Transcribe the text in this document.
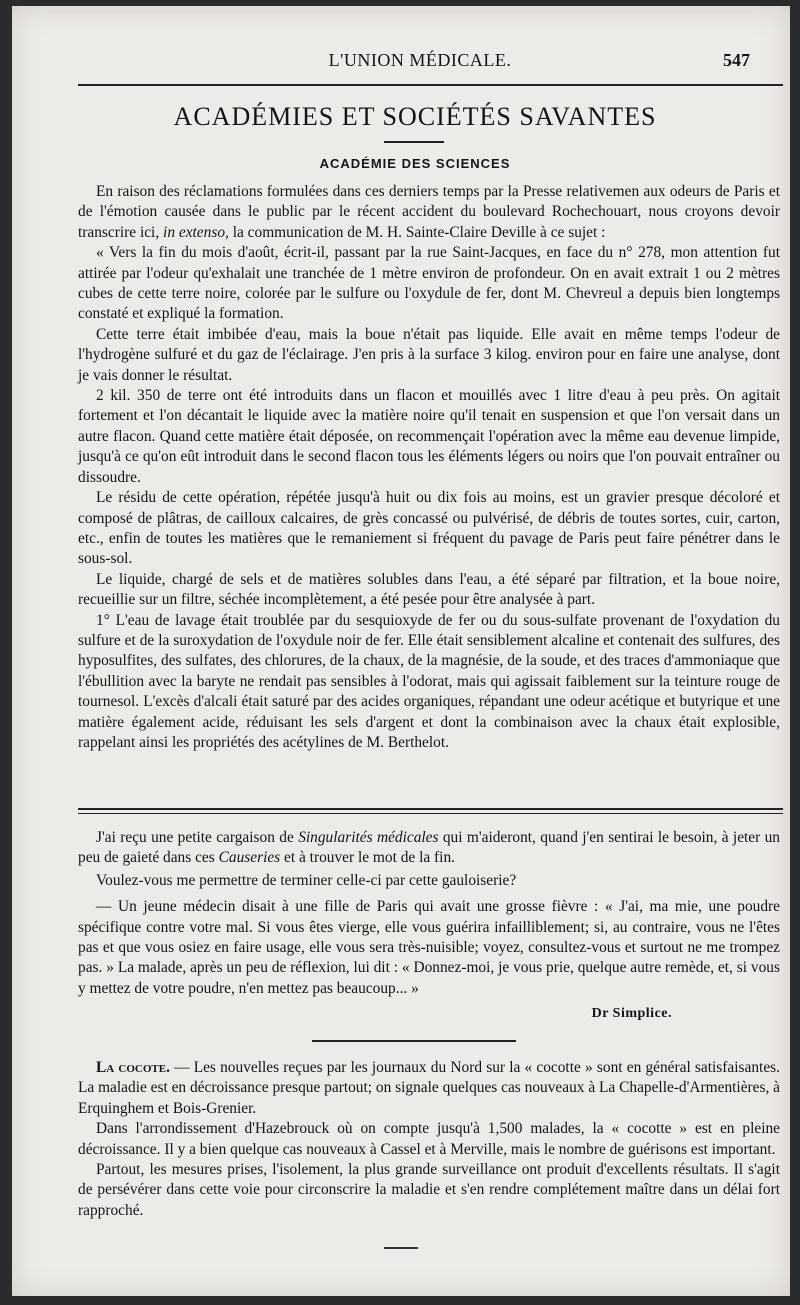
L'UNION MÉDICALE.	547
ACADÉMIES ET SOCIÉTÉS SAVANTES
ACADÉMIE DES SCIENCES

En raison des réclamations formulées dans ces derniers temps par la Presse relativemen aux odeurs de Paris et de l'émotion causée dans le public par le récent accident du boulevard Rochechouart, nous croyons devoir transcrire ici, in extenso, la communication de M. H. Sainte-Claire Deville à ce sujet :

« Vers la fin du mois d'août, écrit-il, passant par la rue Saint-Jacques, en face du n° 278, mon attention fut attirée par l'odeur qu'exhalait une tranchée de 1 mètre environ de profondeur. On en avait extrait 1 ou 2 mètres cubes de cette terre noire, colorée par le sulfure ou l'oxydule de fer, dont M. Chevreul a depuis bien longtemps constaté et expliqué la formation.

Cette terre était imbibée d'eau, mais la boue n'était pas liquide. Elle avait en même temps l'odeur de l'hydrogène sulfuré et du gaz de l'éclairage. J'en pris à la surface 3 kilog. environ pour en faire une analyse, dont je vais donner le résultat.

2 kil. 350 de terre ont été introduits dans un flacon et mouillés avec 1 litre d'eau à peu près. On agitait fortement et l'on décantait le liquide avec la matière noire qu'il tenait en suspension et que l'on versait dans un autre flacon. Quand cette matière était déposée, on recommençait l'opération avec la même eau devenue limpide, jusqu'à ce qu'on eût introduit dans le second flacon tous les éléments légers ou noirs que l'on pouvait entraîner ou dissoudre.

Le résidu de cette opération, répétée jusqu'à huit ou dix fois au moins, est un gravier presque décoloré et composé de plâtras, de cailloux calcaires, de grès concassé ou pulvérisé, de débris de toutes sortes, cuir, carton, etc., enfin de toutes les matières que le remaniement si fréquent du pavage de Paris peut faire pénétrer dans le sous-sol.

Le liquide, chargé de sels et de matières solubles dans l'eau, a été séparé par filtration, et la boue noire, recueillie sur un filtre, séchée incomplètement, a été pesée pour être analysée à part.

1° L'eau de lavage était troublée par du sesquioxyde de fer ou du sous-sulfate provenant de l'oxydation du sulfure et de la suroxydation de l'oxydule noir de fer. Elle était sensiblement alcaline et contenait des sulfures, des hyposulfites, des sulfates, des chlorures, de la chaux, de la magnésie, de la soude, et des traces d'ammoniaque que l'ébullition avec la baryte ne rendait pas sensibles à l'odorat, mais qui agissait faiblement sur la teinture rouge de tournesol. L'excès d'alcali était saturé par des acides organiques, répandant une odeur acétique et butyrique et une matière également acide, réduisant les sels d'argent et dont la combinaison avec la chaux était explosible, rappelant ainsi les propriétés des acétylines de M. Berthelot.

J'ai reçu une petite cargaison de Singularités médicales qui m'aideront, quand j'en sentirai le besoin, à jeter un peu de gaieté dans ces Causeries et à trouver le mot de la fin.

Voulez-vous me permettre de terminer celle-ci par cette gauloiserie?

— Un jeune médecin disait à une fille de Paris qui avait une grosse fièvre : « J'ai, ma mie, une poudre spécifique contre votre mal. Si vous êtes vierge, elle vous guérira infailliblement; si, au contraire, vous ne l'êtes pas et que vous osiez en faire usage, elle vous sera très-nuisible; voyez, consultez-vous et surtout ne me trompez pas. » La malade, après un peu de réflexion, lui dit : « Donnez-moi, je vous prie, quelque autre remède, et, si vous y mettez de votre poudre, n'en mettez pas beaucoup... »

Dr Simplice.

La cocote. — Les nouvelles reçues par les journaux du Nord sur la « cocotte » sont en général satisfaisantes. La maladie est en décroissance presque partout; on signale quelques cas nouveaux à La Chapelle-d'Armentières, à Erquinghem et Bois-Grenier.

Dans l'arrondissement d'Hazebrouck où on compte jusqu'à 1,500 malades, la « cocotte » est en pleine décroissance. Il y a bien quelque cas nouveaux à Cassel et à Merville, mais le nombre de guérisons est important.

Partout, les mesures prises, l'isolement, la plus grande surveillance ont produit d'excellents résultats. Il s'agit de persévérer dans cette voie pour circonscrire la maladie et s'en rendre complétement maître dans un délai fort rapproché.
